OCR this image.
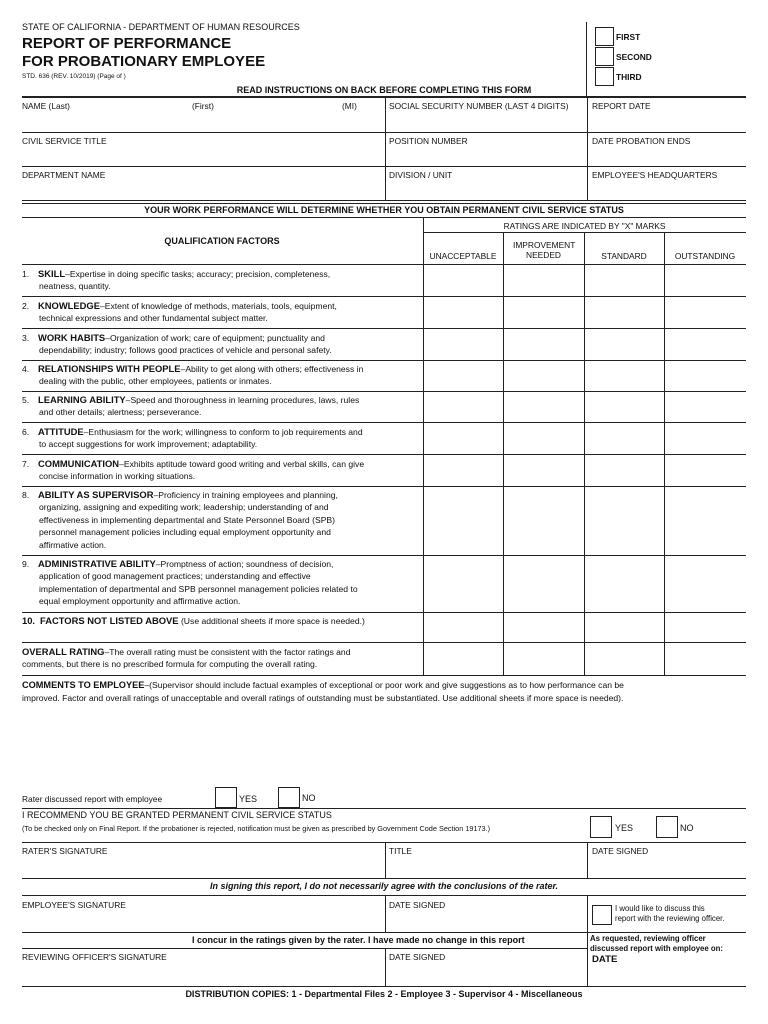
STATE OF CALIFORNIA - DEPARTMENT OF HUMAN RESOURCES
REPORT OF PERFORMANCE
FOR PROBATIONARY EMPLOYEE
STD. 636 (REV. 10/2019) (Page of )
FIRST
SECOND
THIRD
READ INSTRUCTIONS ON BACK BEFORE COMPLETING THIS FORM
NAME (Last)	(First)	(MI)	SOCIAL SECURITY NUMBER (LAST 4 DIGITS)	REPORT DATE
CIVIL SERVICE TITLE	POSITION NUMBER	DATE PROBATION ENDS
DEPARTMENT NAME	DIVISION / UNIT	EMPLOYEE'S HEADQUARTERS
YOUR WORK PERFORMANCE WILL DETERMINE WHETHER YOU OBTAIN PERMANENT CIVIL SERVICE STATUS
QUALIFICATION FACTORS
RATINGS ARE INDICATED BY "X" MARKS
UNACCEPTABLE
IMPROVEMENT NEEDED	STANDARD	OUTSTANDING
1. SKILL–Expertise in doing specific tasks; accuracy; precision, completeness,
neatness, quantity.
2. KNOWLEDGE–Extent of knowledge of methods, materials, tools, equipment,
technical expressions and other fundamental subject matter.
3. WORK HABITS–Organization of work; care of equipment; punctuality and
dependability; industry; follows good practices of vehicle and personal safety.
4. RELATIONSHIPS WITH PEOPLE–Ability to get along with others; effectiveness in
dealing with the public, other employees, patients or inmates.
5. LEARNING ABILITY–Speed and thoroughness in learning procedures, laws, rules
and other details; alertness; perseverance.
6. ATTITUDE–Enthusiasm for the work; willingness to conform to job requirements and
to accept suggestions for work improvement; adaptability.
7. COMMUNICATION–Exhibits aptitude toward good writing and verbal skills, can give
concise information in working situations.
8. ABILITY AS SUPERVISOR–Proficiency in training employees and planning,
organizing, assigning and expediting work; leadership; understanding of and
effectiveness in implementing departmental and State Personnel Board (SPB)
personnel management policies including equal employment opportunity and
affirmative action.
9. ADMINISTRATIVE ABILITY–Promptness of action; soundness of decision,
application of good management practices; understanding and effective
implementation of departmental and SPB personnel management policies related to
equal employment opportunity and affirmative action.
10. FACTORS NOT LISTED ABOVE (Use additional sheets if more space is needed.)
OVERALL RATING–The overall rating must be consistent with the factor ratings and
comments, but there is no prescribed formula for computing the overall rating.
COMMENTS TO EMPLOYEE–(Supervisor should include factual examples of exceptional or poor work and give suggestions as to how performance can be
improved. Factor and overall ratings of unacceptable and overall ratings of outstanding must be substantiated. Use additional sheets if more space is needed).
Rater discussed report with employee	YES	NO
I RECOMMEND YOU BE GRANTED PERMANENT CIVIL SERVICE STATUS
(To be checked only on Final Report. If the probationer is rejected, notification must be given as prescribed by Government Code Section 19173.)	YES	NO
RATER'S SIGNATURE	TITLE	DATE SIGNED
In signing this report, I do not necessarily agree with the conclusions of the rater.
EMPLOYEE'S SIGNATURE	DATE SIGNED	I would like to discuss this
report with the reviewing officer.
I concur in the ratings given by the rater. I have made no change in this report	As requested, reviewing officer
discussed report with employee on:
REVIEWING OFFICER'S SIGNATURE	DATE SIGNED	DATE
DISTRIBUTION COPIES: 1 - Departmental Files 2 - Employee 3 - Supervisor 4 - Miscellaneous
